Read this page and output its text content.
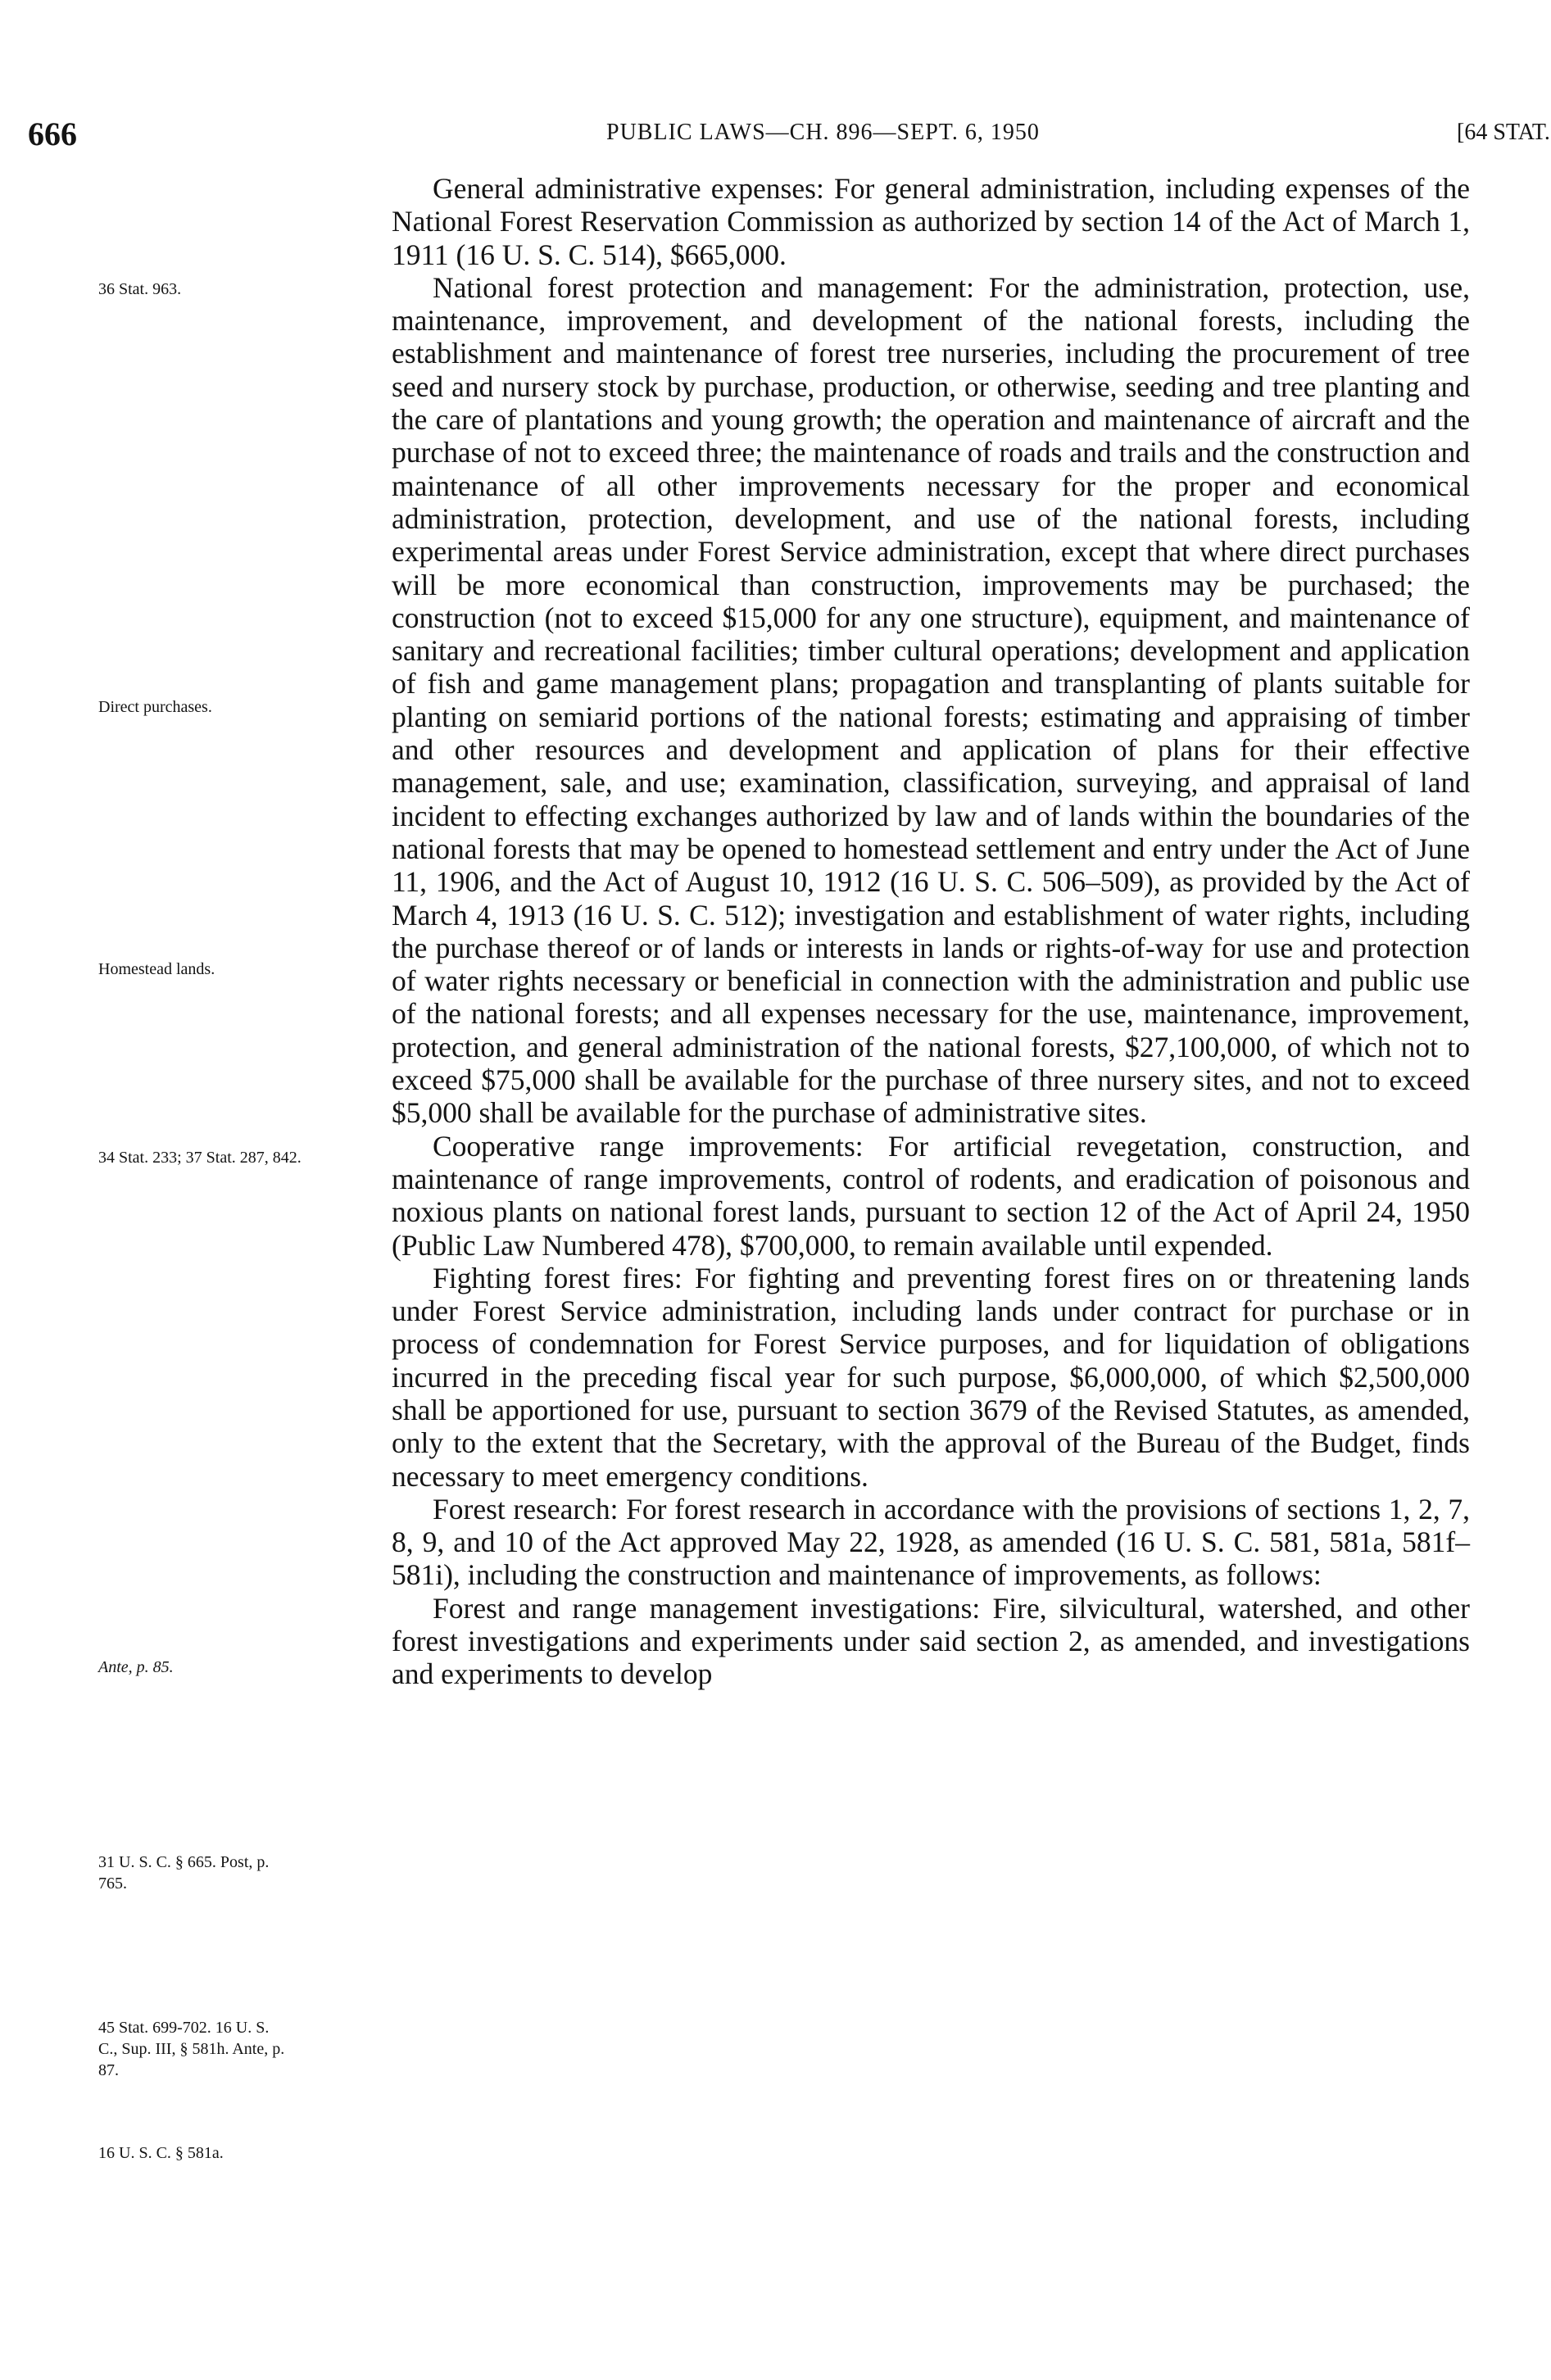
666	PUBLIC LAWS—CH. 896—SEPT. 6, 1950	[64 STAT.
36 Stat. 963.
Direct purchases.
Homestead lands.
34 Stat. 233; 37 Stat. 287, 842.
Ante, p. 85.
31 U. S. C. § 665. Post, p. 765.
45 Stat. 699-702. 16 U. S. C., Sup. III, § 581h. Ante, p. 87.
16 U. S. C. § 581a.

General administrative expenses: For general administration, including expenses of the National Forest Reservation Commission as authorized by section 14 of the Act of March 1, 1911 (16 U. S. C. 514), $665,000.

National forest protection and management: For the administration, protection, use, maintenance, improvement, and development of the national forests, including the establishment and maintenance of forest tree nurseries, including the procurement of tree seed and nursery stock by purchase, production, or otherwise, seeding and tree planting and the care of plantations and young growth; the operation and maintenance of aircraft and the purchase of not to exceed three; the maintenance of roads and trails and the construction and maintenance of all other improvements necessary for the proper and economical administration, protection, development, and use of the national forests, including experimental areas under Forest Service administration, except that where direct purchases will be more economical than construction, improvements may be purchased; the construction (not to exceed $15,000 for any one structure), equipment, and maintenance of sanitary and recreational facilities; timber cultural operations; development and application of fish and game management plans; propagation and transplanting of plants suitable for planting on semiarid portions of the national forests; estimating and appraising of timber and other resources and development and application of plans for their effective management, sale, and use; examination, classification, surveying, and appraisal of land incident to effecting exchanges authorized by law and of lands within the boundaries of the national forests that may be opened to homestead settlement and entry under the Act of June 11, 1906, and the Act of August 10, 1912 (16 U. S. C. 506–509), as provided by the Act of March 4, 1913 (16 U. S. C. 512); investigation and establishment of water rights, including the purchase thereof or of lands or interests in lands or rights-of-way for use and protection of water rights necessary or beneficial in connection with the administration and public use of the national forests; and all expenses necessary for the use, maintenance, improvement, protection, and general administration of the national forests, $27,100,000, of which not to exceed $75,000 shall be available for the purchase of three nursery sites, and not to exceed $5,000 shall be available for the purchase of administrative sites.

Cooperative range improvements: For artificial revegetation, construction, and maintenance of range improvements, control of rodents, and eradication of poisonous and noxious plants on national forest lands, pursuant to section 12 of the Act of April 24, 1950 (Public Law Numbered 478), $700,000, to remain available until expended.

Fighting forest fires: For fighting and preventing forest fires on or threatening lands under Forest Service administration, including lands under contract for purchase or in process of condemnation for Forest Service purposes, and for liquidation of obligations incurred in the preceding fiscal year for such purpose, $6,000,000, of which $2,500,000 shall be apportioned for use, pursuant to section 3679 of the Revised Statutes, as amended, only to the extent that the Secretary, with the approval of the Bureau of the Budget, finds necessary to meet emergency conditions.

Forest research: For forest research in accordance with the provisions of sections 1, 2, 7, 8, 9, and 10 of the Act approved May 22, 1928, as amended (16 U. S. C. 581, 581a, 581f–581i), including the construction and maintenance of improvements, as follows:

Forest and range management investigations: Fire, silvicultural, watershed, and other forest investigations and experiments under said section 2, as amended, and investigations and experiments to develop
